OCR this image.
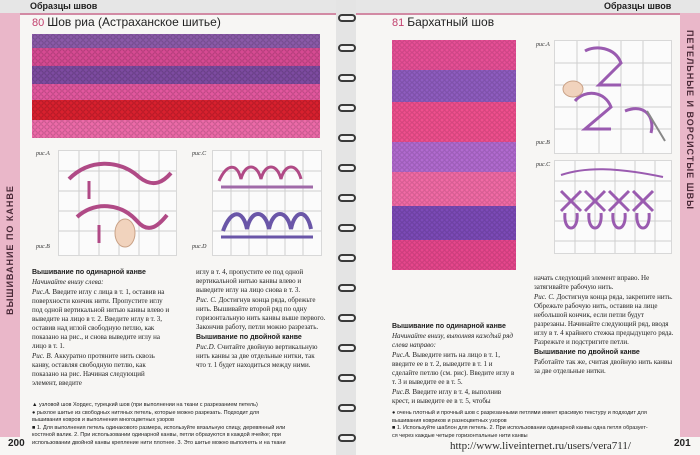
Образцы швов
ВЫШИВАНИЕ ПО КАНВЕ
80 Шов риа (Астраханское шитье)
рис.А
рис.В
рис.С
рис.D

Вышивание по одинарной канве

Начинайте внизу слева:

Рис.А. Введите иглу с лица в т. 1, оставив на поверхности кончик нити. Пропустите иглу под одной вертикальной нитью канвы влево и выведите на лицо в т. 2. Введите иглу в т. 3, оставив над иглой свободную петлю, как показано на рис., и снова выведите иглу на лицо в т. 1.

Рис. В. Аккуратно протяните нить сквозь канву, оставляя свободную петлю, как показано на рис. Начиная следующий элемент, введите

иглу в т. 4, пропустите ее под одной вертикальной нитью канвы влево и выведите иглу на лицо снова в т. 3.

Рис. С. Достигнув конца ряда, обрежьте нить. Вышивайте второй ряд по одну горизонтальную нить канвы выше первого. Закончив работу, петли можно разрезать.

Вышивание по двойной канве

Рис.D. Считайте двойную вертикальную нить канвы за две отдельные нитки, так что т. 1 будет находиться между ними.

▲ узловой шов Хордес, турецкий шов (при выполнении на ткани с разрезанием петель)
● рыхлое шитье из свободных нитяных петель, которые можно разрезать. Подходит для
вышивания ковров и выполнения многоцветных узоров
■ 1. Для выполнения петель одинакового размера, используйте вязальную спицу, деревянный или
костяной валик. 2. При использовании одинарной канвы, петли образуются в каждой ячейке; при
использовании двойной канвы крепление нити плотнее. 3. Это шитье можно выполнять и на ткани
200
Образцы швов
ПЕТЕЛЬНЫЕ И ВОРСИСТЫЕ ШВЫ
81 Бархатный шов
рис.А
рис.В
рис.С

Вышивание по одинарной канве

Начинайте внизу, выполняя каждый ряд слева направо:

Рис.А. Выведите нить на лицо в т. 1, введите ее в т. 2, выведите в т. 1 и сделайте петлю (см. рис). Введите иглу в т. 3 и выведите ее в т. 5.

Рис.В. Введите иглу в т. 4, выполнив крест, и выведите ее в т. 5, чтобы

начать следующий элемент вправо. Не затягивайте рабочую нить.

Рис. С. Достигнув конца ряда, закрепите нить. Обрежьте рабочую нить, оставив на лице небольшой кончик, если петли будут разрезаны. Начинайте следующий ряд, вводя иглу в т. 4 крайнего стежка предыдущего ряда. Разрежьте и подстригите петли.

Вышивание по двойной канве

Работайте так же, считая двойную нить канвы за две отдельные нитки.

● очень плотный и прочный шов с разрезанными петлями имеет красивую текстуру и подходит для
вышивания ковриков и разноцветных узоров
■ 1. Используйте шаблон для петель. 2. При использовании одинарной канвы одна петля образует-
ся через каждые четыре горизонтальные нити канвы
http://www.liveinternet.ru/users/vera711/	201
